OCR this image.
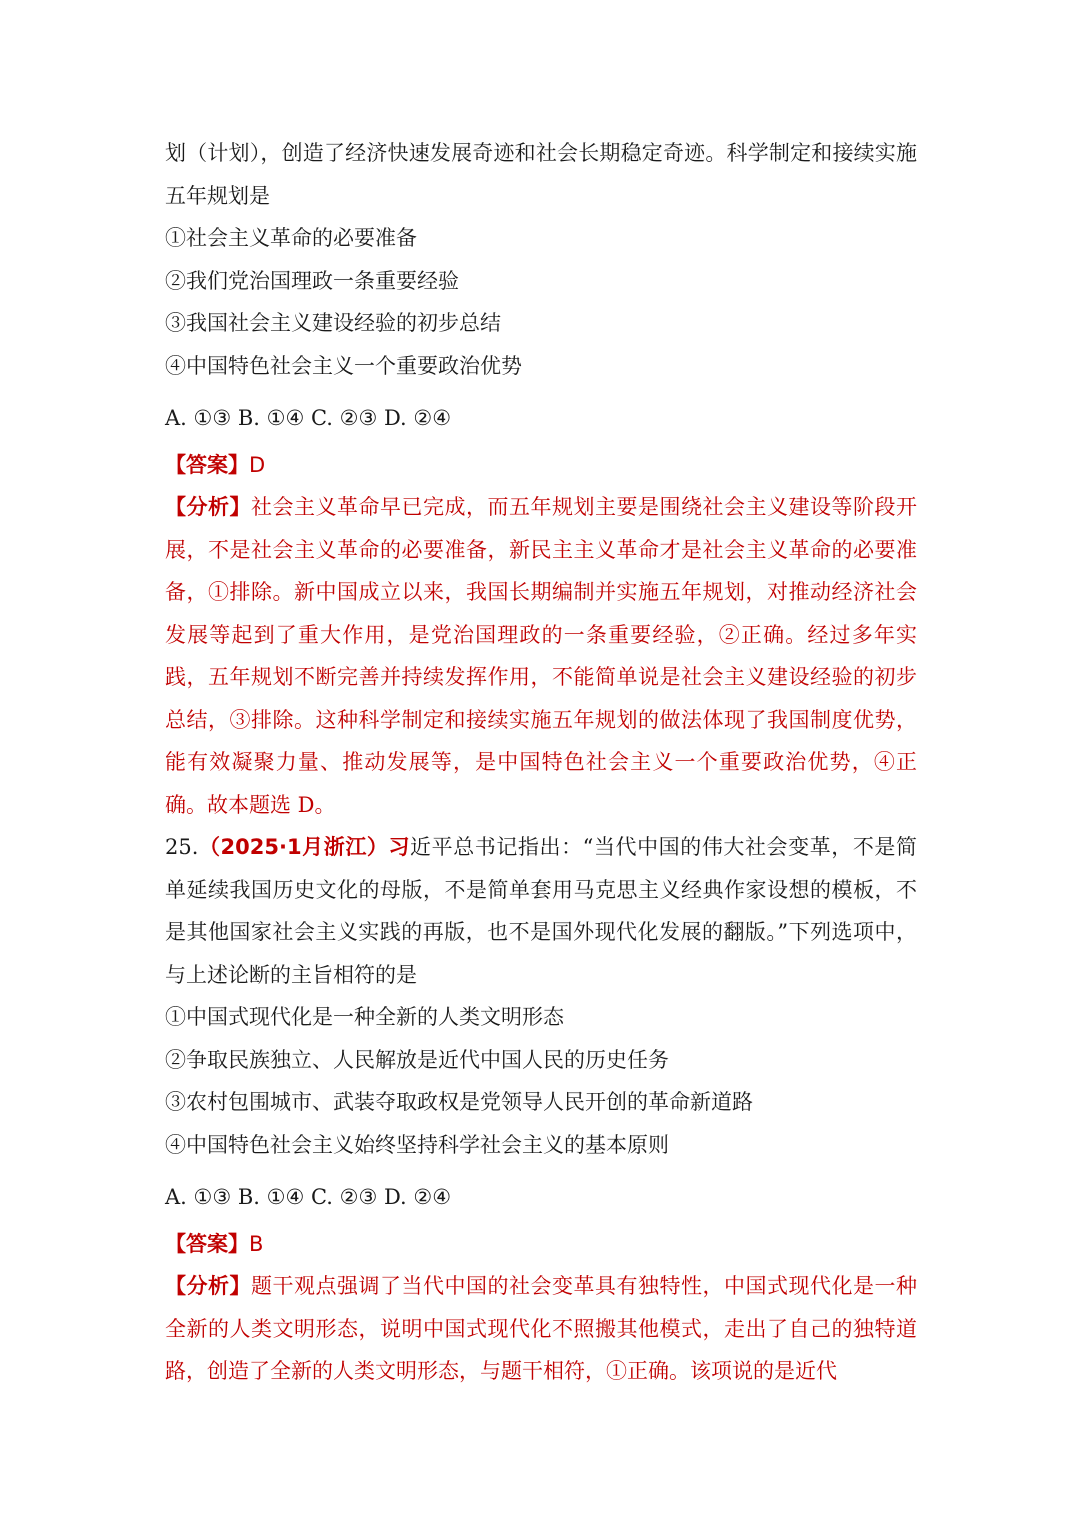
划（计划），创造了经济快速发展奇迹和社会长期稳定奇迹。科学制定和接续实施五年规划是

①社会主义革命的必要准备

②我们党治国理政一条重要经验

③我国社会主义建设经验的初步总结

④中国特色社会主义一个重要政治优势

A. ①③ B. ①④ C. ②③ D. ②④

【答案】D

【分析】社会主义革命早已完成，而五年规划主要是围绕社会主义建设等阶段开展，不是社会主义革命的必要准备，新民主主义革命才是社会主义革命的必要准备，①排除。新中国成立以来，我国长期编制并实施五年规划，对推动经济社会发展等起到了重大作用，是党治国理政的一条重要经验，②正确。经过多年实践，五年规划不断完善并持续发挥作用，不能简单说是社会主义建设经验的初步总结，③排除。这种科学制定和接续实施五年规划的做法体现了我国制度优势，能有效凝聚力量、推动发展等，是中国特色社会主义一个重要政治优势，④正确。故本题选 D。

25.（2025·1月浙江）习近平总书记指出：“当代中国的伟大社会变革，不是简单延续我国历史文化的母版，不是简单套用马克思主义经典作家设想的模板，不是其他国家社会主义实践的再版，也不是国外现代化发展的翻版。”下列选项中，与上述论断的主旨相符的是

①中国式现代化是一种全新的人类文明形态

②争取民族独立、人民解放是近代中国人民的历史任务

③农村包围城市、武装夺取政权是党领导人民开创的革命新道路

④中国特色社会主义始终坚持科学社会主义的基本原则

A. ①③ B. ①④ C. ②③ D. ②④

【答案】B

【分析】题干观点强调了当代中国的社会变革具有独特性，中国式现代化是一种全新的人类文明形态，说明中国式现代化不照搬其他模式，走出了自己的独特道路，创造了全新的人类文明形态，与题干相符，①正确。该项说的是近代
